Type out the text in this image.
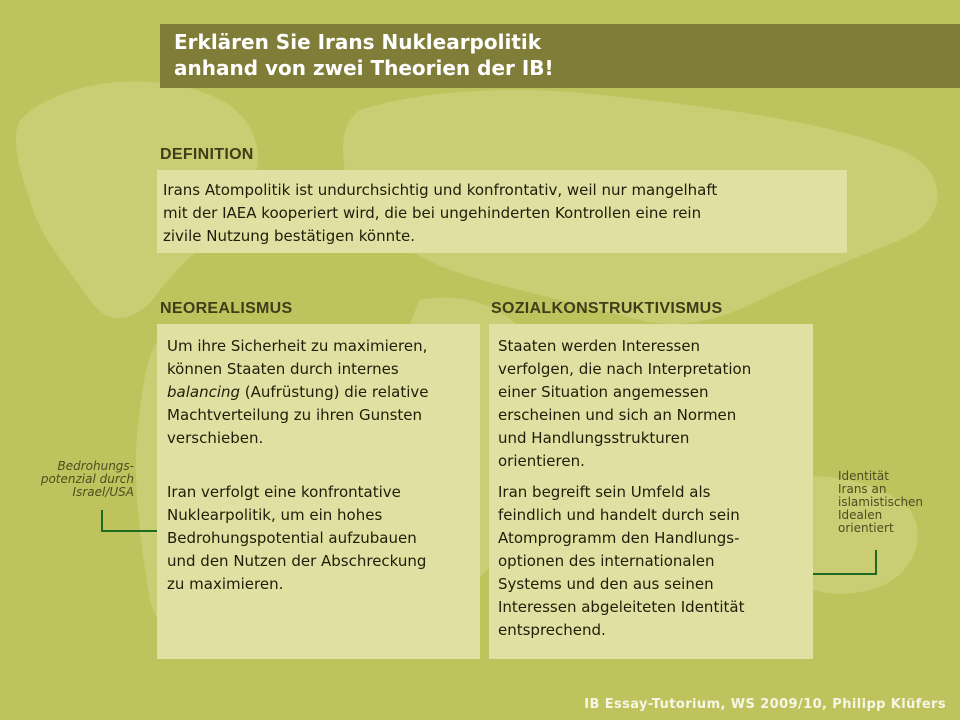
Erklären Sie Irans Nuklearpolitik
anhand von zwei Theorien der IB!
DEFINITION
Irans Atompolitik ist undurchsichtig und konfrontativ, weil nur mangelhaft
mit der IAEA kooperiert wird, die bei ungehinderten Kontrollen eine rein
zivile Nutzung bestätigen könnte.
NEOREALISMUS
Um ihre Sicherheit zu maximieren,
können Staaten durch internes
balancing (Aufrüstung) die relative
Machtverteilung zu ihren Gunsten
verschieben.
Iran verfolgt eine konfrontative
Nuklearpolitik, um ein hohes
Bedrohungspotential aufzubauen
und den Nutzen der Abschreckung
zu maximieren.
SOZIALKONSTRUKTIVISMUS
Staaten werden Interessen
verfolgen, die nach Interpretation
einer Situation angemessen
erscheinen und sich an Normen
und Handlungsstrukturen
orientieren.
Iran begreift sein Umfeld als
feindlich und handelt durch sein
Atomprogramm den Handlungs-
optionen des internationalen
Systems und den aus seinen
Interessen abgeleiteten Identität
entsprechend.
Bedrohungs-
potenzial durch
Israel/USA
Identität
Irans an
islamistischen
Idealen
orientiert
IB Essay-Tutorium, WS 2009/10, Philipp Klüfers
